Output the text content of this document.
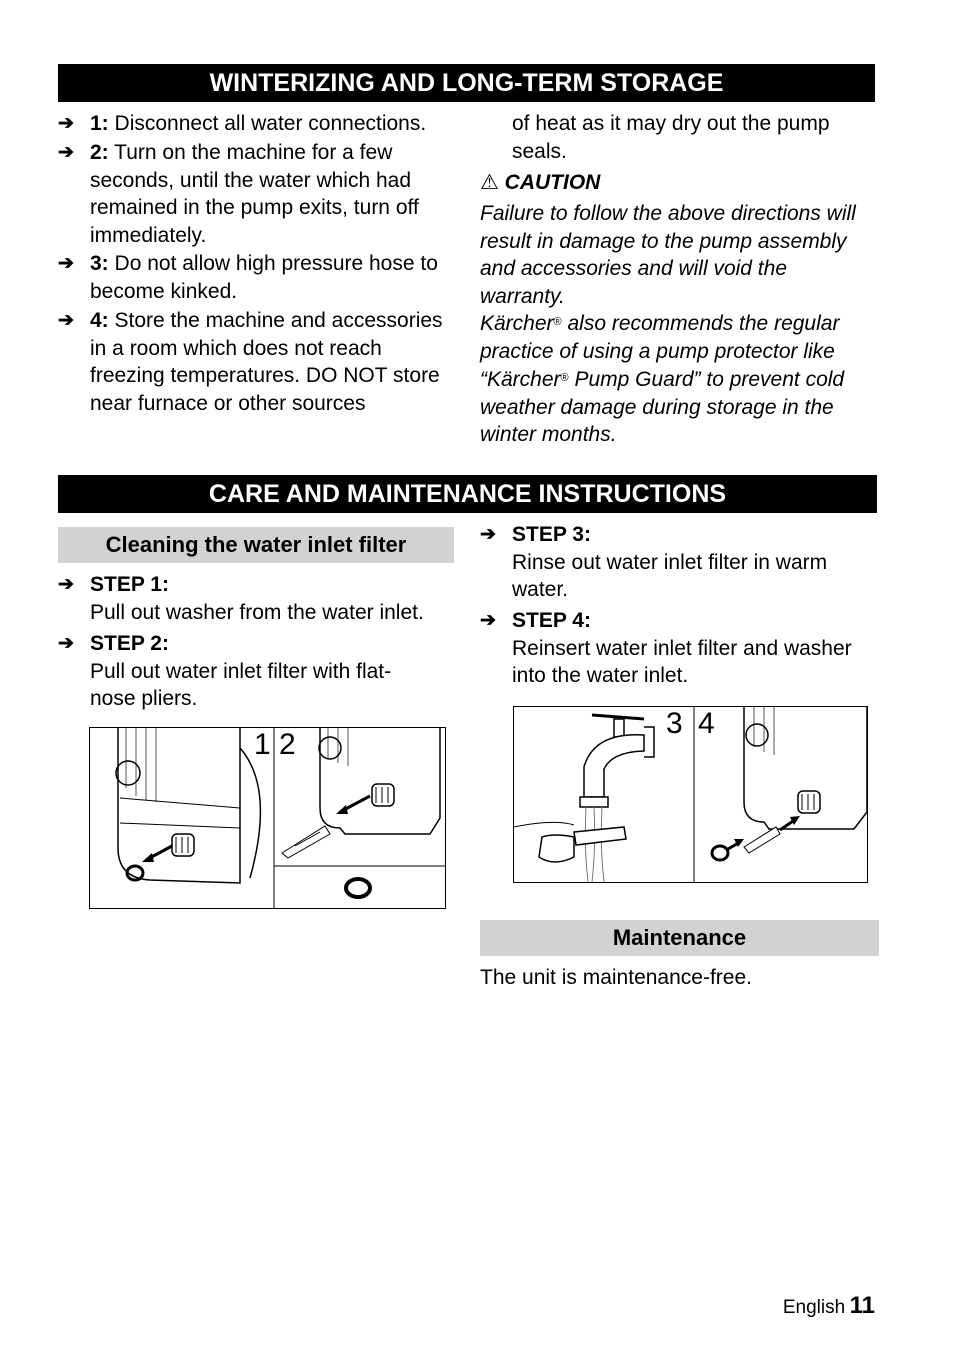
WINTERIZING AND LONG-TERM STORAGE
➔ 1: Disconnect all water connections.
➔ 2: Turn on the machine for a few seconds, until the water which had remained in the pump exits, turn off immediately.
➔ 3: Do not allow high pressure hose to become kinked.
➔ 4: Store the machine and accessories in a room which does not reach freezing temperatures. DO NOT store near furnace or other sources
of heat as it may dry out the pump seals.
⚠ CAUTION
Failure to follow the above directions will result in damage to the pump assembly and accessories and will void the warranty.
Kärcher® also recommends the regular practice of using a pump protector like “Kärcher® Pump Guard” to prevent cold weather damage during storage in the winter months.
CARE AND MAINTENANCE INSTRUCTIONS
Cleaning the water inlet filter
➔ STEP 1:
Pull out washer from the water inlet.
➔ STEP 2:
Pull out water inlet filter with flat-nose pliers.
➔ STEP 3:
Rinse out water inlet filter in warm water.
➔ STEP 4:
Reinsert water inlet filter and washer into the water inlet.
1 2
3 4
Maintenance
The unit is maintenance-free.
English 11
